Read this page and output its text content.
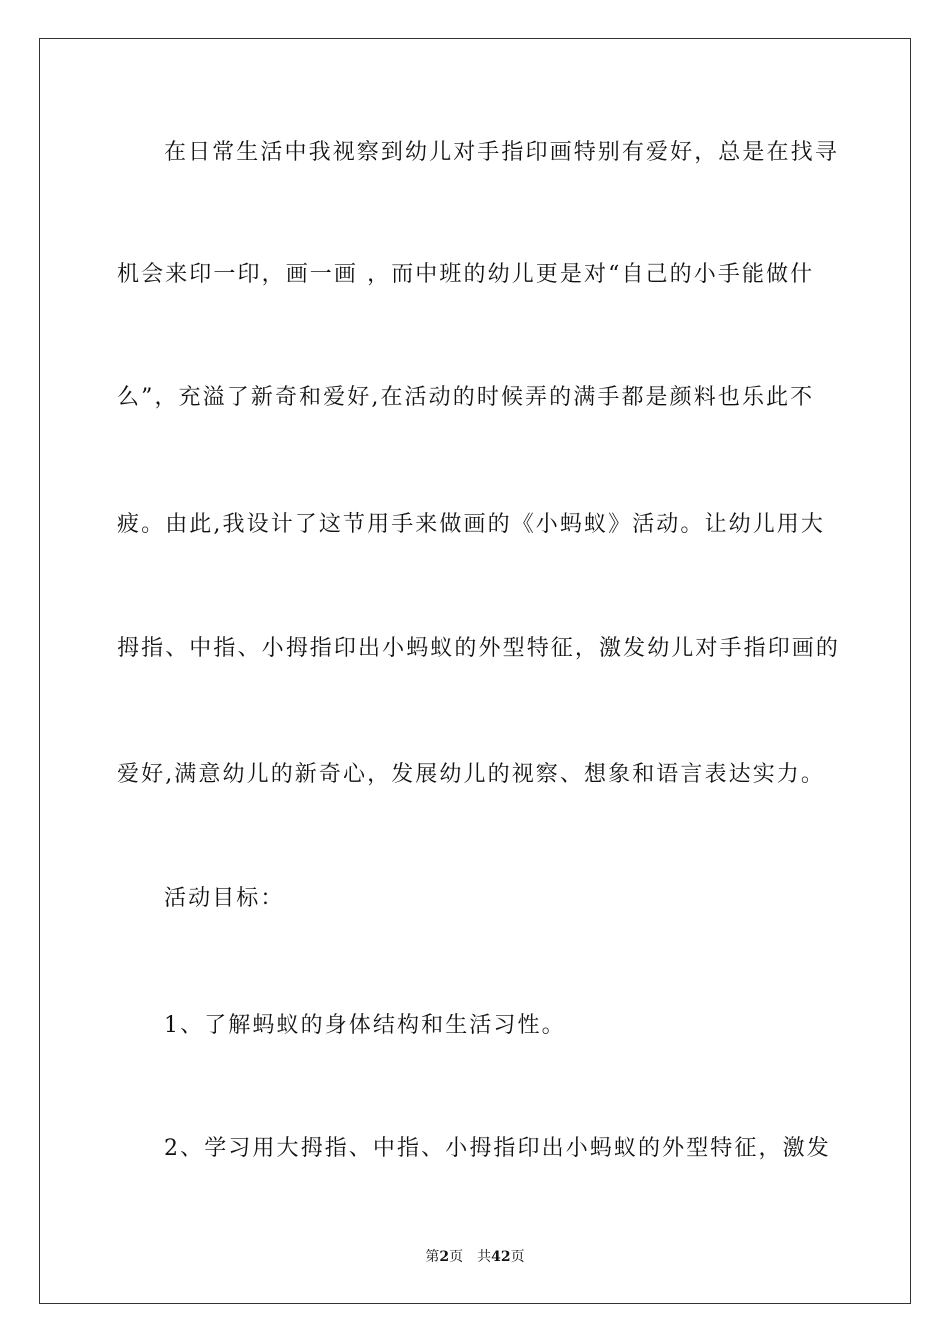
在日常生活中我视察到幼儿对手指印画特别有爱好，总是在找寻
机会来印一印，画一画 ，而中班的幼儿更是对“自己的小手能做什
么”，充溢了新奇和爱好,在活动的时候弄的满手都是颜料也乐此不
疲。由此,我设计了这节用手来做画的《小蚂蚁》活动。让幼儿用大
拇指、中指、小拇指印出小蚂蚁的外型特征，激发幼儿对手指印画的
爱好,满意幼儿的新奇心，发展幼儿的视察、想象和语言表达实力。
活动目标：
1、了解蚂蚁的身体结构和生活习性。
2、学习用大拇指、中指、小拇指印出小蚂蚁的外型特征，激发
第2页 共42页
